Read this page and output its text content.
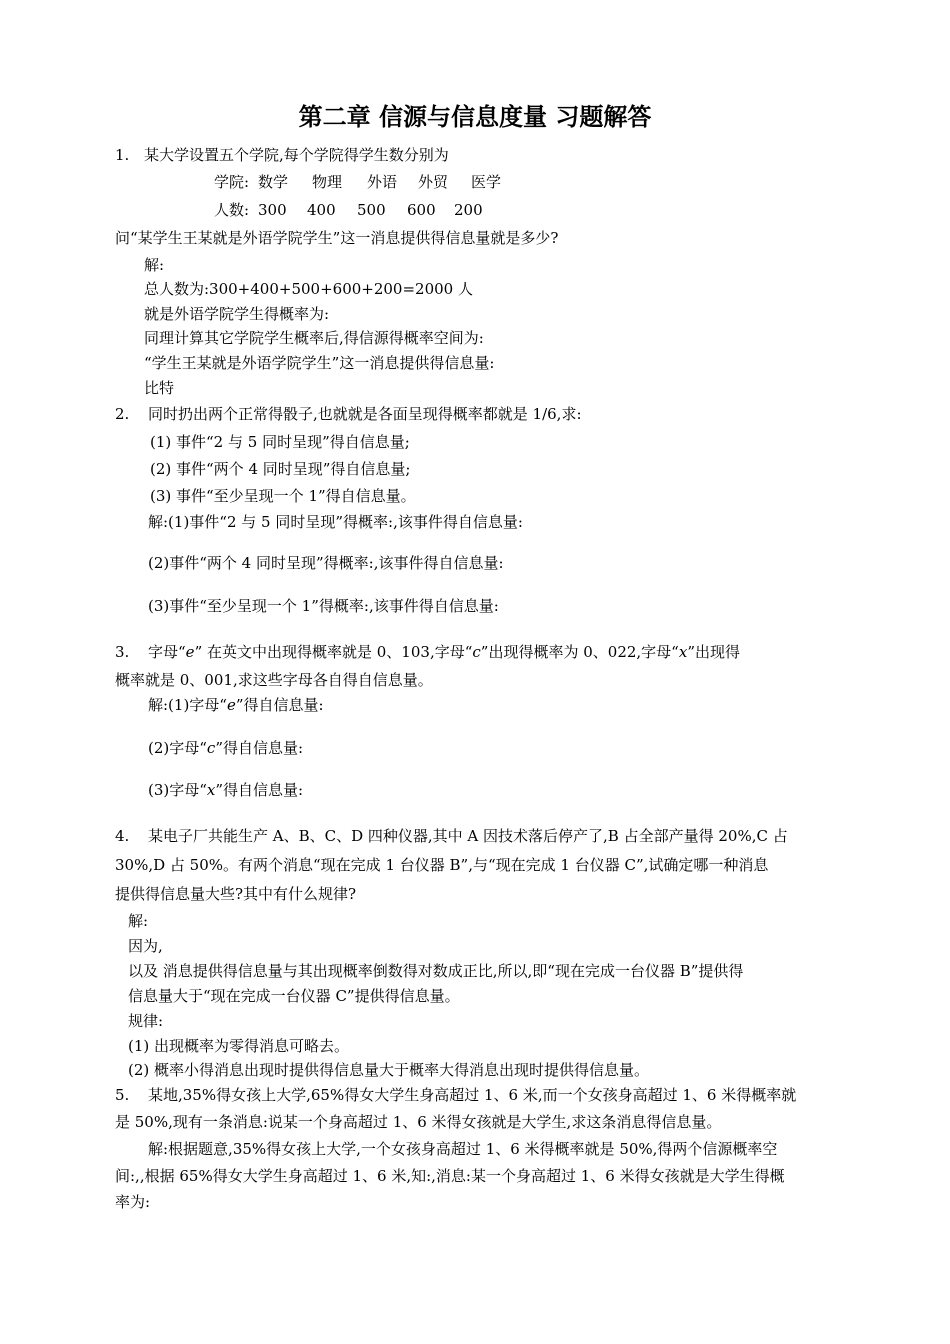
第二章 信源与信息度量 习题解答
1. 某大学设置五个学院,每个学院得学生数分别为
学院: 数学 物理 外语 外贸 医学
人数: 300 400 500 600 200
问“某学生王某就是外语学院学生”这一消息提供得信息量就是多少?
解:
总人数为:300+400+500+600+200=2000 人
就是外语学院学生得概率为:
同理计算其它学院学生概率后,得信源得概率空间为:
“学生王某就是外语学院学生”这一消息提供得信息量:
比特
2. 同时扔出两个正常得骰子,也就就是各面呈现得概率都就是 1/6,求:
(1) 事件“2 与 5 同时呈现”得自信息量;
(2) 事件“两个 4 同时呈现”得自信息量;
(3) 事件“至少呈现一个 1”得自信息量。
解:(1)事件“2 与 5 同时呈现”得概率:,该事件得自信息量:
(2)事件“两个 4 同时呈现”得概率:,该事件得自信息量:
(3)事件“至少呈现一个 1”得概率:,该事件得自信息量:
3. 字母“e” 在英文中出现得概率就是 0、103,字母“c”出现得概率为 0、022,字母“x”出现得
概率就是 0、001,求这些字母各自得自信息量。
解:(1)字母“e”得自信息量:
(2)字母“c”得自信息量:
(3)字母“x”得自信息量:
4. 某电子厂共能生产 A、B、C、D 四种仪器,其中 A 因技术落后停产了,B 占全部产量得 20%,C 占
30%,D 占 50%。有两个消息“现在完成 1 台仪器 B”,与“现在完成 1 台仪器 C”,试确定哪一种消息
提供得信息量大些?其中有什么规律?
解:
因为,
以及 消息提供得信息量与其出现概率倒数得对数成正比,所以,即“现在完成一台仪器 B”提供得
信息量大于“现在完成一台仪器 C”提供得信息量。
规律:
(1) 出现概率为零得消息可略去。
(2) 概率小得消息出现时提供得信息量大于概率大得消息出现时提供得信息量。
5. 某地,35%得女孩上大学,65%得女大学生身高超过 1、6 米,而一个女孩身高超过 1、6 米得概率就
是 50%,现有一条消息:说某一个身高超过 1、6 米得女孩就是大学生,求这条消息得信息量。
解:根据题意,35%得女孩上大学,一个女孩身高超过 1、6 米得概率就是 50%,得两个信源概率空
间:,,根据 65%得女大学生身高超过 1、6 米,知:,消息:某一个身高超过 1、6 米得女孩就是大学生得概
率为:
